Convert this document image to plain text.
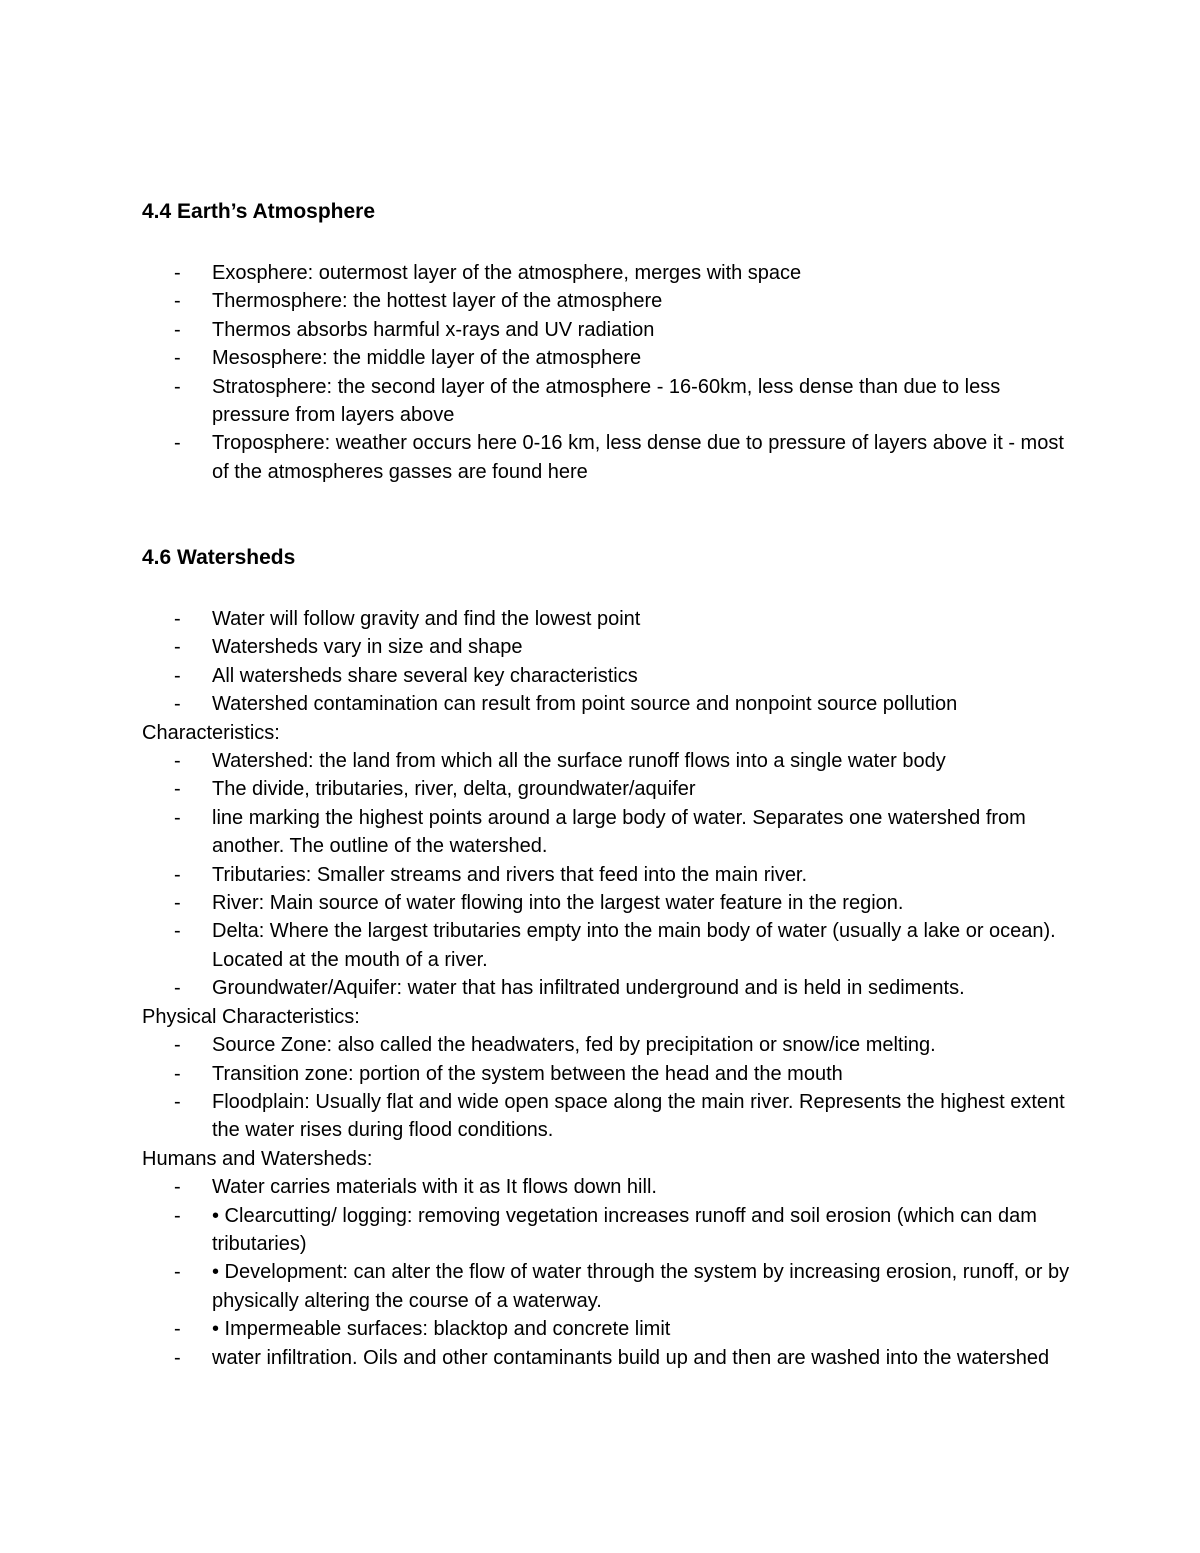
4.4 Earth’s Atmosphere
- Exosphere: outermost layer of the atmosphere, merges with space
- Thermosphere: the hottest layer of the atmosphere
- Thermos absorbs harmful x-rays and UV radiation
- Mesosphere: the middle layer of the atmosphere
- Stratosphere: the second layer of the atmosphere - 16-60km, less dense than due to less pressure from layers above
- Troposphere: weather occurs here 0-16 km, less dense due to pressure of layers above it - most of the atmospheres gasses are found here
4.6 Watersheds
- Water will follow gravity and find the lowest point
- Watersheds vary in size and shape
- All watersheds share several key characteristics
- Watershed contamination can result from point source and nonpoint source pollution
Characteristics:
- Watershed: the land from which all the surface runoff flows into a single water body
- The divide, tributaries, river, delta, groundwater/aquifer
- line marking the highest points around a large body of water. Separates one watershed from another. The outline of the watershed.
- Tributaries: Smaller streams and rivers that feed into the main river.
- River: Main source of water flowing into the largest water feature in the region.
- Delta: Where the largest tributaries empty into the main body of water (usually a lake or ocean). Located at the mouth of a river.
- Groundwater/Aquifer: water that has infiltrated underground and is held in sediments.
Physical Characteristics:
- Source Zone: also called the headwaters, fed by precipitation or snow/ice melting.
- Transition zone: portion of the system between the head and the mouth
- Floodplain: Usually flat and wide open space along the main river. Represents the highest extent the water rises during flood conditions.
Humans and Watersheds:
- Water carries materials with it as It flows down hill.
- • Clearcutting/ logging: removing vegetation increases runoff and soil erosion (which can dam tributaries)
- • Development: can alter the flow of water through the system by increasing erosion, runoff, or by physically altering the course of a waterway.
- • Impermeable surfaces: blacktop and concrete limit
- water infiltration. Oils and other contaminants build up and then are washed into the watershed
